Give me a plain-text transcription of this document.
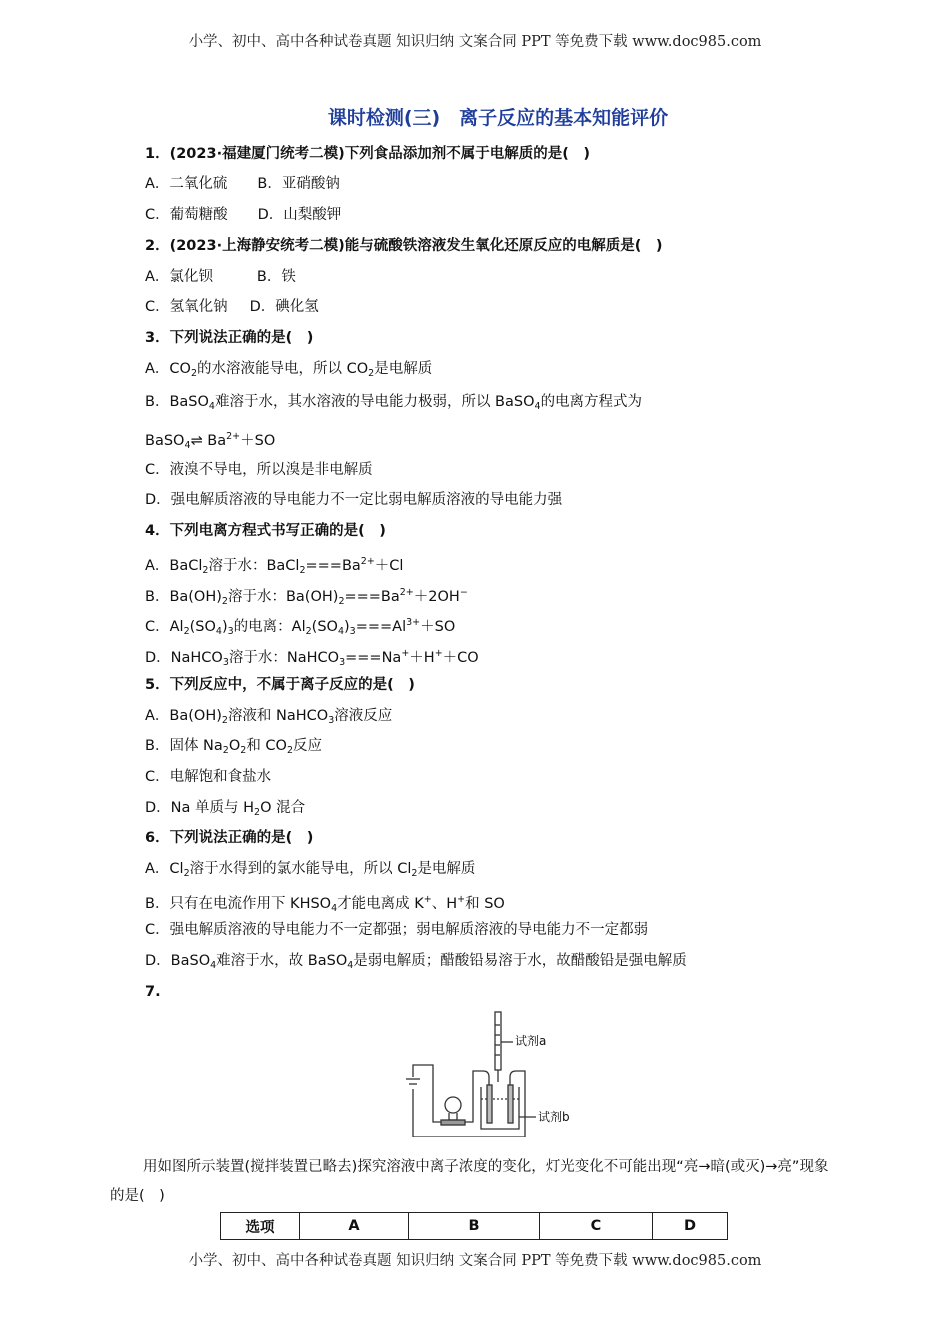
小学、初中、高中各种试卷真题 知识归纳 文案合同 PPT 等免费下载 www.doc985.com
课时检测(三)　离子反应的基本知能评价
1．(2023·福建厦门统考二模)下列食品添加剂不属于电解质的是(　)
A．二氧化硫 B．亚硝酸钠
C．葡萄糖酸 D．山梨酸钾
2．(2023·上海静安统考二模)能与硫酸铁溶液发生氧化还原反应的电解质是(　)
A．氯化钡	B．铁
C．氢氧化钠 D．碘化氢
3．下列说法正确的是(　)
A．$CO_2$的水溶液能导电，所以 $CO_2$是电解质
B．BaSO$_4$难溶于水，其水溶液的导电能力极弱，所以 BaSO$_4$的电离方程式为
BaSO$_4$⇌ $Ba^{2+}+SO$
C．液溴不导电，所以溴是非电解质
D．强电解质溶液的导电能力不一定比弱电解质溶液的导电能力强
4．下列电离方程式书写正确的是(　)
A．BaCl$_2$溶于水：$BaCl_2===Ba^{2+}+Cl$
B．$Ba(OH)_2$溶于水：$Ba(OH)_2===Ba^{2+}+2OH^-$
C．$Al_2(SO_4)_3$的电离：$Al_2(SO_4)_3===Al^{3+}+SO$
D．NaHCO$_3$溶于水：NaHCO$_3$===Na+＋H+＋CO
5．下列反应中，不属于离子反应的是(　)
A．$Ba(OH)_2$溶液和 NaHCO$_3$溶液反应
B．固体 $Na_2O_2$和 $CO_2$反应
C．电解饱和食盐水
D．Na 单质与 $H_2O$ 混合
6．下列说法正确的是(　)
A．$Cl_2$溶于水得到的氯水能导电，所以 $Cl_2$是电解质
B．只有在电流作用下 $KHSO_4$才能电离成 K+、H+和 SO
C．强电解质溶液的导电能力不一定都强；弱电解质溶液的导电能力不一定都弱
D．BaSO$_4$难溶于水，故 BaSO$_4$是弱电解质；醋酸铅易溶于水，故醋酸铅是强电解质
7.
试剂a
试剂b
用如图所示装置(搅拌装置已略去)探究溶液中离子浓度的变化，灯光变化不可能出现“亮→暗(或灭)→亮”现象的是(　)
选项	A	B	C	D
小学、初中、高中各种试卷真题 知识归纳 文案合同 PPT 等免费下载 www.doc985.com
